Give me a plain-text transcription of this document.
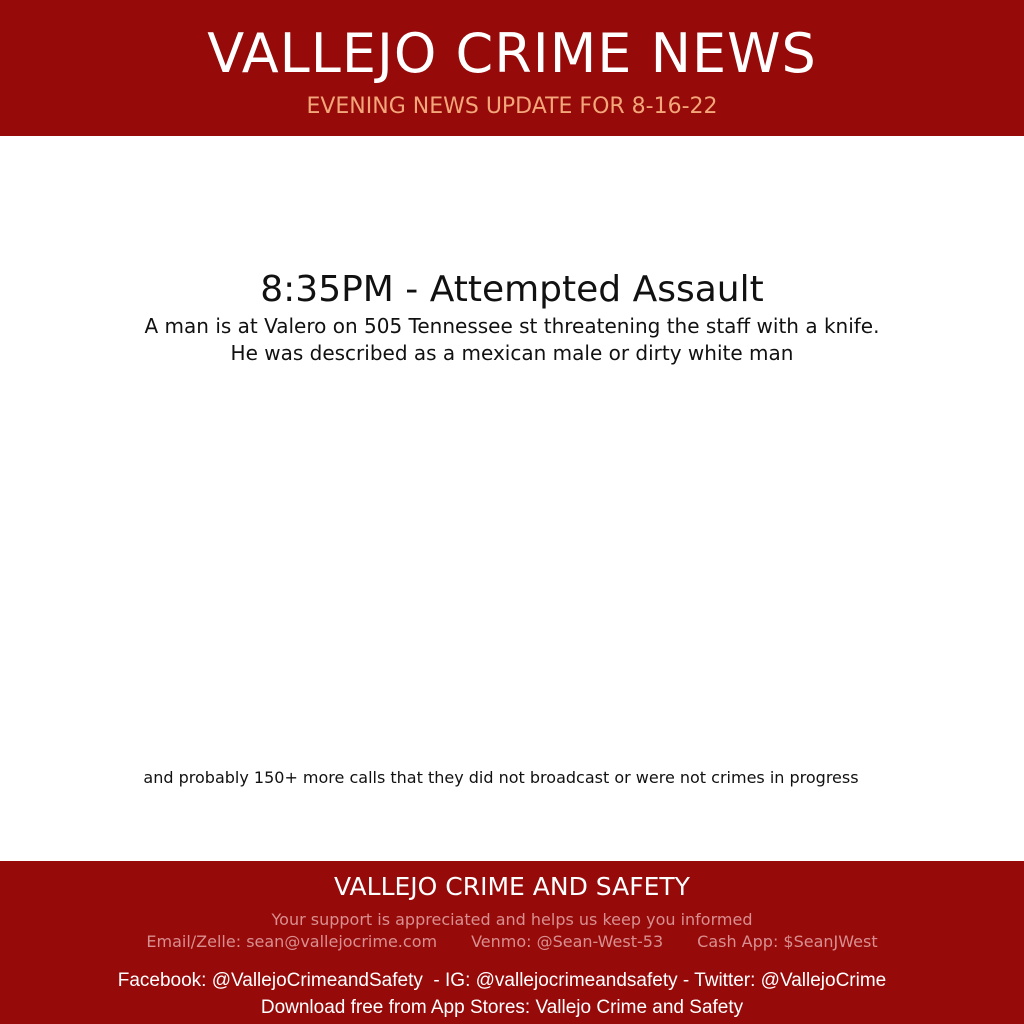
VALLEJO CRIME NEWS
EVENING NEWS UPDATE FOR 8-16-22
8:35PM - Attempted Assault
A man is at Valero on 505 Tennessee st threatening the staff with a knife.
He was described as a mexican male or dirty white man
and probably 150+ more calls that they did not broadcast or were not crimes in progress
VALLEJO CRIME AND SAFETY
Your support is appreciated and helps us keep you informed
Email/Zelle: sean@vallejocrime.com Venmo: @Sean-West-53 Cash App: $SeanJWest
Facebook: @VallejoCrimeandSafety  - IG: @vallejocrimeandsafety - Twitter: @VallejoCrime
Download free from App Stores: Vallejo Crime and Safety
